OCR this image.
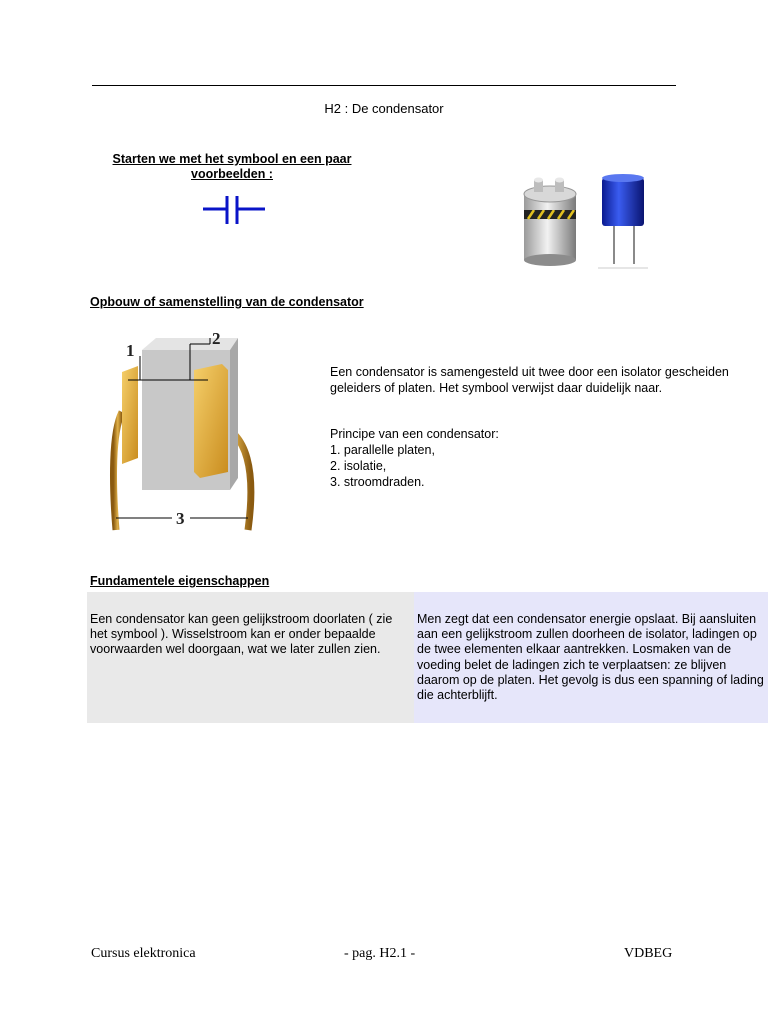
H2 : De condensator
Starten we met het symbool en een paar voorbeelden :
Opbouw of samenstelling van de condensator
1
2
3
Een condensator is samengesteld uit twee door een isolator gescheiden geleiders of platen. Het symbool verwijst daar duidelijk naar.
Principe van een condensator:
1. parallelle platen,
2. isolatie,
3. stroomdraden.
Fundamentele eigenschappen
Een condensator kan geen gelijkstroom doorlaten ( zie het symbool ). Wisselstroom kan er onder bepaalde voorwaarden wel doorgaan, wat we later zullen zien.
Men zegt dat een condensator energie opslaat. Bij aansluiten aan een gelijkstroom zullen doorheen de isolator, ladingen op de twee elementen elkaar aantrekken. Losmaken van de voeding belet de ladingen zich te verplaatsen: ze blijven daarom op de platen. Het gevolg is dus een spanning of lading die achterblijft.
Cursus elektronica	- pag. H2.1 -	VDBEG
